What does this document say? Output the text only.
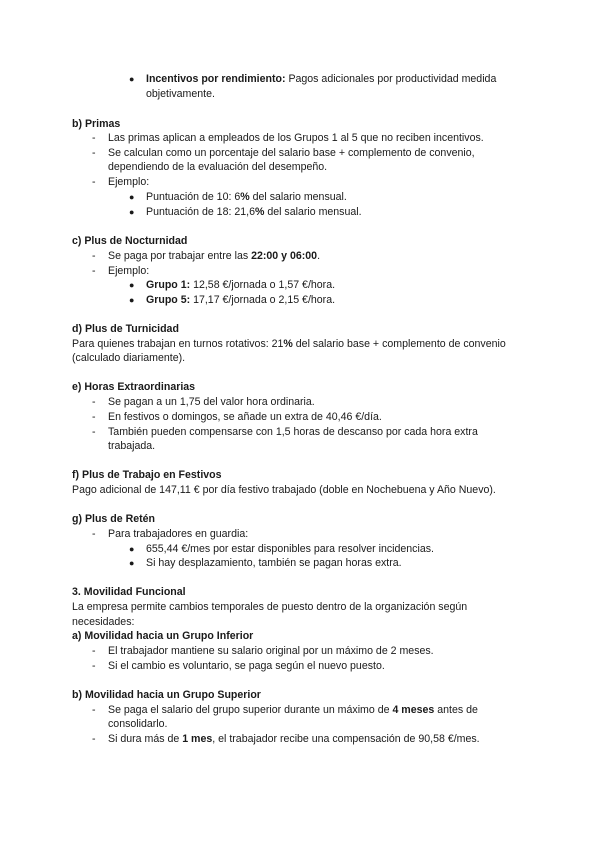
● Incentivos por rendimiento: Pagos adicionales por productividad medida
objetivamente.
b) Primas
- Las primas aplican a empleados de los Grupos 1 al 5 que no reciben incentivos.
- Se calculan como un porcentaje del salario base + complemento de convenio,
dependiendo de la evaluación del desempeño.
- Ejemplo:
● Puntuación de 10: 6% del salario mensual.
● Puntuación de 18: 21,6% del salario mensual.
c) Plus de Nocturnidad
- Se paga por trabajar entre las 22:00 y 06:00.
- Ejemplo:
● Grupo 1: 12,58 €/jornada o 1,57 €/hora.
● Grupo 5: 17,17 €/jornada o 2,15 €/hora.
d) Plus de Turnicidad
Para quienes trabajan en turnos rotativos: 21% del salario base + complemento de convenio
(calculado diariamente).
e) Horas Extraordinarias
- Se pagan a un 1,75 del valor hora ordinaria.
- En festivos o domingos, se añade un extra de 40,46 €/día.
- También pueden compensarse con 1,5 horas de descanso por cada hora extra
trabajada.
f) Plus de Trabajo en Festivos
Pago adicional de 147,11 € por día festivo trabajado (doble en Nochebuena y Año Nuevo).
g) Plus de Retén
- Para trabajadores en guardia:
● 655,44 €/mes por estar disponibles para resolver incidencias.
● Si hay desplazamiento, también se pagan horas extra.
3. Movilidad Funcional
La empresa permite cambios temporales de puesto dentro de la organización según
necesidades:
a) Movilidad hacia un Grupo Inferior
- El trabajador mantiene su salario original por un máximo de 2 meses.
- Si el cambio es voluntario, se paga según el nuevo puesto.
b) Movilidad hacia un Grupo Superior
- Se paga el salario del grupo superior durante un máximo de 4 meses antes de
consolidarlo.
- Si dura más de 1 mes, el trabajador recibe una compensación de 90,58 €/mes.
